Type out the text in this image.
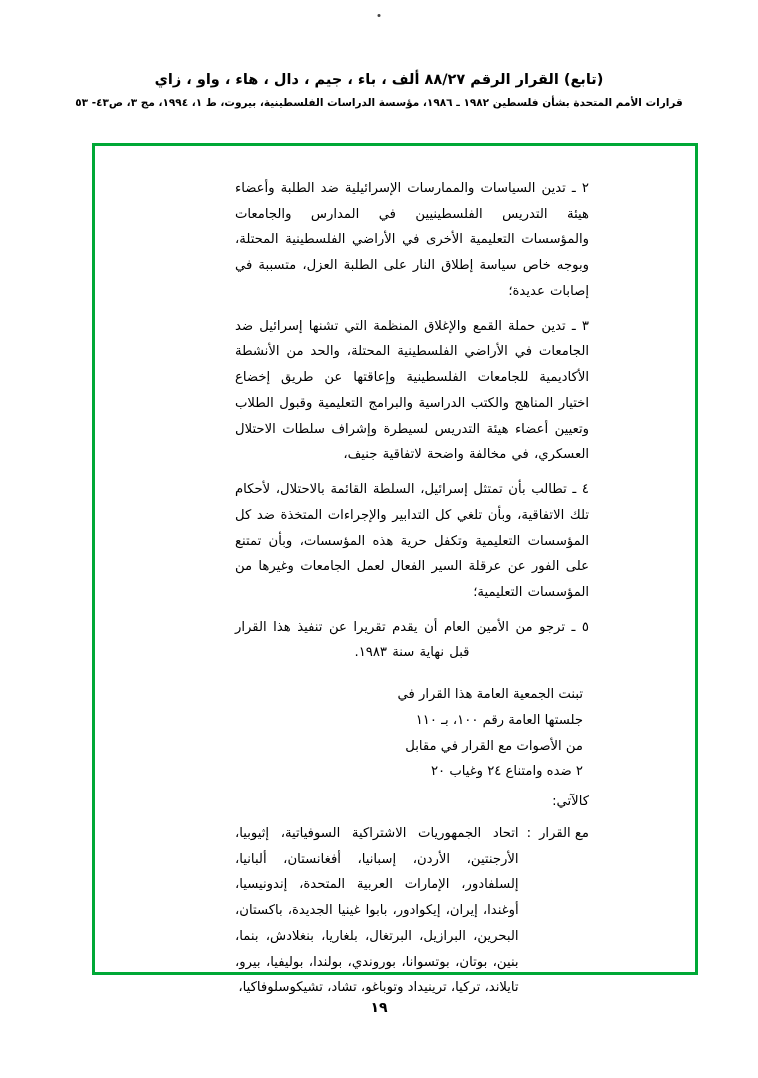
(تابع) القرار الرقم ٨٨/٢٧ ألف ، باء ، جيم ، دال ، هاء ، واو ، زاي
قرارات الأمم المتحدة بشأن فلسطين ١٩٨٢ ـ ١٩٨٦، مؤسسة الدراسات الفلسطينية، بيروت، ط ١، ١٩٩٤، مج ٣، ص٤٣- ٥٣
٢ ـ تدين السياسات والممارسات الإسرائيلية ضد الطلبة وأعضاء هيئة التدريس الفلسطينيين في المدارس والجامعات والمؤسسات التعليمية الأخرى في الأراضي الفلسطينية المحتلة، وبوجه خاص سياسة إطلاق النار على الطلبة العزل، متسببة في إصابات عديدة؛
٣ ـ تدين حملة القمع والإغلاق المنظمة التي تشنها إسرائيل ضد الجامعات في الأراضي الفلسطينية المحتلة، والحد من الأنشطة الأكاديمية للجامعات الفلسطينية وإعاقتها عن طريق إخضاع اختيار المناهج والكتب الدراسية والبرامج التعليمية وقبول الطلاب وتعيين أعضاء هيئة التدريس لسيطرة وإشراف سلطات الاحتلال العسكري، في مخالفة واضحة لاتفاقية جنيف،
٤ ـ تطالب بأن تمتثل إسرائيل، السلطة القائمة بالاحتلال، لأحكام تلك الاتفاقية، وبأن تلغي كل التدابير والإجراءات المتخذة ضد كل المؤسسات التعليمية وتكفل حرية هذه المؤسسات، وبأن تمتنع على الفور عن عرقلة السير الفعال لعمل الجامعات وغيرها من المؤسسات التعليمية؛
٥ ـ ترجو من الأمين العام أن يقدم تقريرا عن تنفيذ هذا القرار قبل نهاية سنة ١٩٨٣.
تبنت الجمعية العامة هذا القرار في
جلستها العامة رقم ١٠٠، بـ ١١٠
من الأصوات مع القرار في مقابل
٢ ضده وامتناع ٢٤ وغياب ٢٠
كالآتي:
مع القرار
:
اتحاد الجمهوريات الاشتراكية السوفياتية، إثيوبيا، الأرجنتين، الأردن، إسبانيا، أفغانستان، ألبانيا، إلسلفادور، الإمارات العربية المتحدة، إندونيسيا، أوغندا، إيران، إيكوادور، بابوا غينيا الجديدة، باكستان، البحرين، البرازيل، البرتغال، بلغاريا، بنغلادش، بنما، بنين، بوتان، بوتسوانا، بوروندي، بولندا، بوليفيا، بيرو، تايلاند، تركيا، ترينيداد وتوباغو، تشاد، تشيكوسلوفاكيا،
١٩
